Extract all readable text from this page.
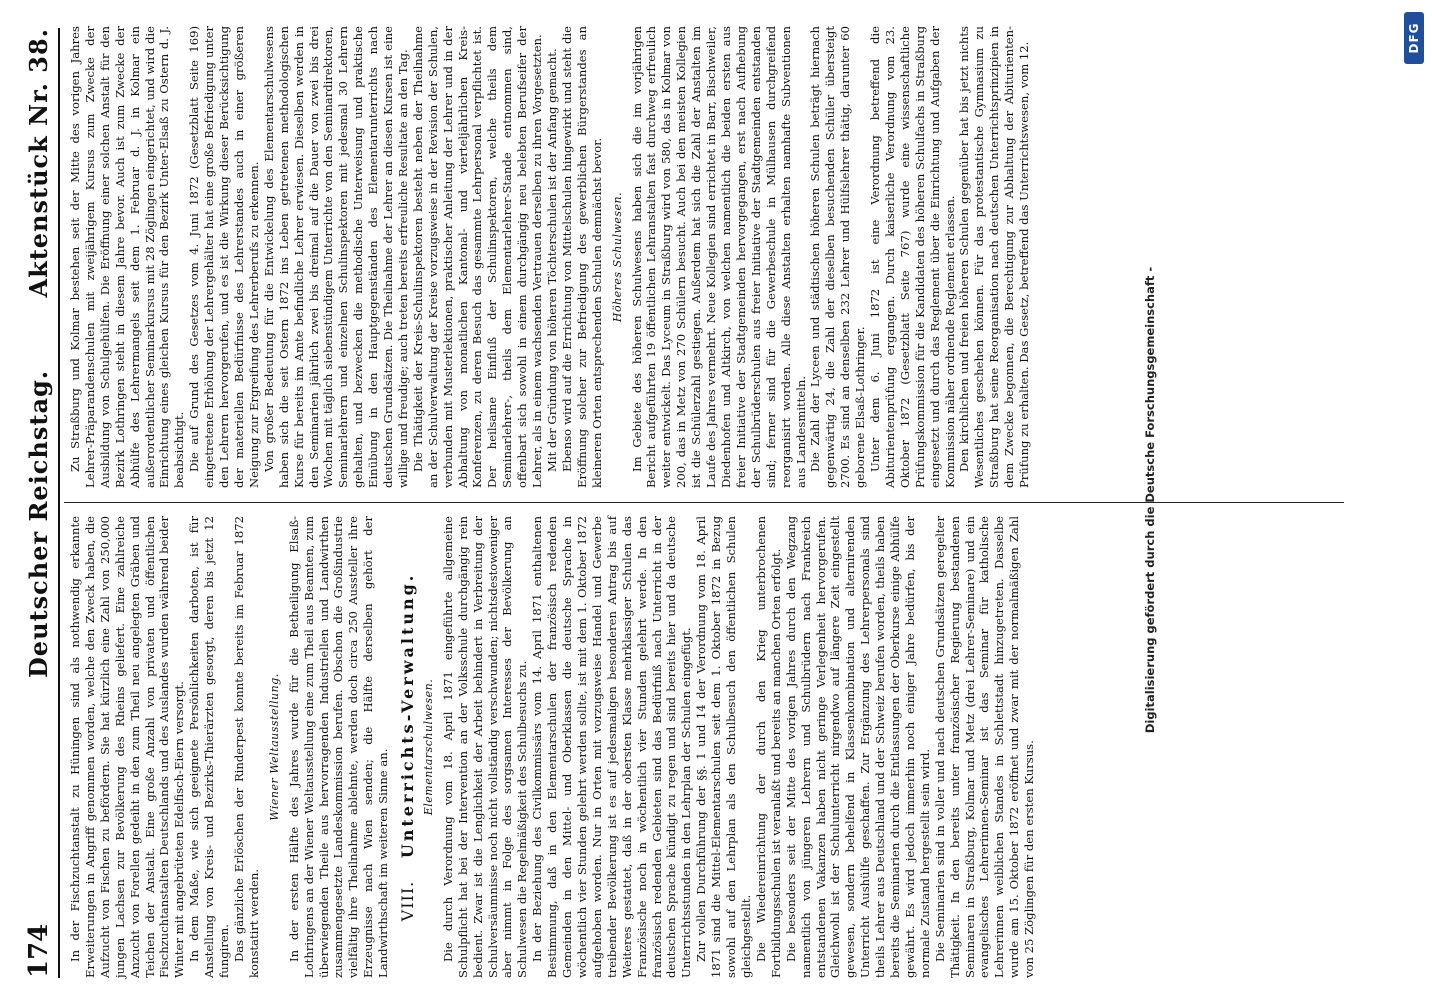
174
Deutscher Reichstag.
Aktenstück Nr. 38.

In der Fischzuchtanstalt zu Hüningen sind als nothwendig erkannte Erweiterungen in Angriff genommen worden, welche den Zweck haben, die Aufzucht von Fischen zu befördern. Sie hat kürzlich eine Zahl von 250,000 jungen Lachsen zur Bevölkerung des Rheins geliefert. Eine zahlreiche Anzucht von Forellen gedeiht in den zum Theil neu angelegten Gräben und Teichen der Anstalt. Eine große Anzahl von privaten und öffentlichen Fischzuchtanstalten Deutschlands und des Auslandes wurden während beider Winter mit angebrüteten Edelfisch-Eiern versorgt. In dem Maße, wie sich geeignete Persönlichkeiten darboten, ist für Anstellung von Kreis- und Bezirks-Thierärzten gesorgt, deren bis jetzt 12 fungiren. Das gänzliche Erlöschen der Rinderpest konnte bereits im Februar 1872 konstatirt werden.

Wiener Weltausstellung. In der ersten Hälfte des Jahres wurde für die Betheiligung Elsaß-Lothringens an der Wiener Weltausstellung eine zum Theil aus Beamten, zum überwiegenden Theile aus hervorragenden Industriellen und Landwirthen zusammengesetzte Landeskommission berufen. Obschon die Großindustrie vielfältig ihre Theilnahme ablehnte, werden doch circa 250 Aussteller ihre Erzeugnisse nach Wien senden; die Hälfte derselben gehört der Landwirthschaft im weiteren Sinne an. VIII. Unterrichts-Verwaltung. Elementarschulwesen. Die durch Verordnung vom 18. April 1871 eingeführte allgemeine Schulpflicht hat bei der Intervention an der Volksschule durchgängig rein bedient. Zwar ist die Lenglichkeit der Arbeit behindert in Verbreitung der Schulversäumnisse noch nicht vollständig verschwunden; nichtsdestoweniger aber nimmt in Folge des sorgsamen Interesses der Bevölkerung an Schulwesen die Regelmäßigkeit des Schulbesuchs zu. In der Beziehung des Civilkommissärs vom 14. April 1871 enthaltenen Bestimmung, daß in den Elementarschulen der französisch redenden Gemeinden in den Mittel- und Oberklassen die deutsche Sprache in wöchentlich vier Stunden gelehrt werden sollte, ist mit dem 1. Oktober 1872 aufgehoben worden. Nur in Orten mit vorzugsweise Handel und Gewerbe treibender Bevölkerung ist es auf jedesmaligen besonderen Antrag bis auf Weiteres gestattet, daß in der obersten Klasse mehrklassiger Schulen das Französische noch in wöchentlich vier Stunden gelehrt werde. In den französisch redenden Gebieten sind das Bedürfniß nach Unterricht in der deutschen Sprache kündigt zu regen und sind bereits hier und da deutsche Unterrichtsstunden in den Lehrplan der Schulen eingefügt. Zur vollen Durchführung der §§. 1 und 14 der Verordnung vom 18. April 1871 sind die Mittel-Elementarschulen seit dem 1. Oktober 1872 in Bezug sowohl auf den Lehrplan als den Schulbesuch den öffentlichen Schulen gleichgestellt. Die Wiedereinrichtung der durch den Krieg unterbrochenen Fortbildungsschulen ist veranlaßt und bereits an manchen Orten erfolgt. Die besonders seit der Mitte des vorigen Jahres durch den Wegzang namentlich von jüngeren Lehrern und Schulbrüdern nach Frankreich entstandenen Vakanzen haben nicht geringe Verlegenheit hervorgerufen. Gleichwohl ist der Schulunterricht nirgendwo auf längere Zeit eingestellt gewesen, sondern behelfend in Klassenkombination und alternirenden Unterricht Aushülfe geschaffen. Zur Ergänzung des Lehrerpersonals sind theils Lehrer aus Deutschland und der Schweiz berufen worden, theils haben bereits die Seminarien durch die Entlassungen der Oberkurse einige Abhülfe gewährt. Es wird jedoch immerhin noch einiger Jahre bedürfen, bis der normale Zustand hergestellt sein wird. Die Seminarien sind in voller und nach deutschen Grundsätzen geregelter Thätigkeit. In den bereits unter französischer Regierung bestandenen Seminaren in Straßburg, Kolmar und Metz (drei Lehrer-Seminare) und ein evangelisches Lehrerinnen-Seminar ist das Seminar für katholische Lehrerinnen weiblichen Standes in Schlettstadt hinzugetreten. Dasselbe wurde am 15. Oktober 1872 eröffnet und zwar mit der normalmäßigen Zahl von 25 Zöglingen für den ersten Kursus.

Zu Straßburg und Kolmar bestehen seit der Mitte des vorigen Jahres Lehrer-Präparandenschulen mit zweijährigem Kursus zum Zwecke der Ausbildung von Schulgehülfen. Die Eröffnung einer solchen Anstalt für den Bezirk Lothringen steht in diesem Jahre bevor. Auch ist zum Zwecke der Abhülfe des Lehrermangels seit dem 1. Februar d. J. in Kolmar ein außerordentlicher Seminarkursus mit 28 Zöglingen eingerichtet, und wird die Einrichtung eines gleichen Kursus für den Bezirk Unter-Elsaß zu Ostern d. J. beabsichtigt. Die auf Grund des Gesetzes vom 4. Juni 1872 (Gesetzblatt Seite 169) eingetretene Erhöhung der Lehrergehälter hat eine große Befriedigung unter den Lehrern hervorgerufen, und es ist die Wirkung dieser Berücksichtigung der materiellen Bedürfnisse des Lehrerstandes auch in einer größeren Neigung zur Ergreifung des Lehrerberufs zu erkennen. Von großer Bedeutung für die Entwickelung des Elementarschulwesens haben sich die seit Ostern 1872 ins Leben getretenen methodologischen Kurse für bereits im Amte befindliche Lehrer erwiesen. Dieselben werden in den Seminarien jährlich zwei bis dreimal auf die Dauer von zwei bis drei Wochen mit täglich siebenstündigem Unterrichte von den Seminardirektoren, Seminarlehrern und einzelnen Schulinspektoren mit jedesmal 30 Lehrern gehalten, und bezwecken die methodische Unterweisung und praktische Einübung in den Hauptgegenständen des Elementarunterrichts nach deutschen Grundsätzen. Die Theilnahme der Lehrer an diesen Kursen ist eine willige und freudige; auch treten bereits erfreuliche Resultate an den Tag. Die Thätigkeit der Kreis-Schulinspektoren besteht neben der Theilnahme an der Schulverwaltung der Kreise vorzugsweise in der Revision der Schulen, verbunden mit Musterlektionen, praktischer Anleitung der Lehrer und in der Abhaltung von monatlichen Kantonal- und vierteljährlichen Kreis-Konferenzen, zu deren Besuch das gesammte Lehrpersonal verpflichtet ist. Der heilsame Einfluß der Schulinspektoren, welche theils dem Seminarlehrer-, theils dem Elementarlehrer-Stande entnommen sind, offenbart sich sowohl in einem durchgängig neu belebten Berufseifer der Lehrer, als in einem wachsenden Vertrauen derselben zu ihren Vorgesetzten. Mit der Gründung von höheren Töchterschulen ist der Anfang gemacht. Ebenso wird auf die Errichtung von Mittelschulen hingewirkt und steht die Eröffnung solcher zur Befriedigung des gewerblichen Bürgerstandes an kleineren Orten entsprechenden Schulen demnächst bevor. Höheres Schulwesen. Im Gebiete des höheren Schulwesens haben sich die im vorjährigen Bericht aufgeführten 19 öffentlichen Lehranstalten fast durchweg erfreulich weiter entwickelt. Das Lyceum in Straßburg wird von 580, das in Kolmar von 200, das in Metz von 270 Schülern besucht. Auch bei den meisten Kollegien ist die Schülerzahl gestiegen. Außerdem hat sich die Zahl der Anstalten im Laufe des Jahres vermehrt. Neue Kollegien sind errichtet in Barr, Bischweiler, Diedenhofen und Altkirch, von welchen namentlich die beiden ersten aus freier Initiative der Stadtgemeinden hervorgegangen, erst nach Aufhebung der Schulbrüderschulen aus freier Initiative der Stadtgemeinden entstanden sind; ferner sind für die Gewerbeschule in Mülhausen durchgreifend reorganisirt worden. Alle diese Anstalten erhalten namhafte Subventionen aus Landesmitteln. Die Zahl der Lyceen und städtischen höheren Schulen beträgt hiernach gegenwärtig 24, die Zahl der dieselben besuchenden Schüler übersteigt 2700. Es sind an denselben 232 Lehrer und Hülfslehrer thätig, darunter 60 geborene Elsaß-Lothringer. Unter dem 6. Juni 1872 ist eine Verordnung betreffend die Abiturientenprüfung ergangen. Durch kaiserliche Verordnung vom 23. Oktober 1872 (Gesetzblatt Seite 767) wurde eine wissenschaftliche Prüfungskommission für die Kandidaten des höheren Schulfachs in Straßburg eingesetzt und durch das Reglement über die Einrichtung und Aufgaben der Kommission näher ordnende Reglement erlassen. Den kirchlichen und freien höheren Schulen gegenüber hat bis jetzt nichts Wesentliches geschehen können. Für das protestantische Gymnasium zu Straßburg hat seine Reorganisation nach deutschen Unterrichtsprinzipien in dem Zwecke begonnen, die Berechtigung zur Abhaltung der Abiturienten-Prüfung zu erhalten. Das Gesetz, betreffend das Unterrichtswesen, vom 12.

Digitalisierung gefördert durch die Deutsche Forschungsgemeinschaft -
DFG
